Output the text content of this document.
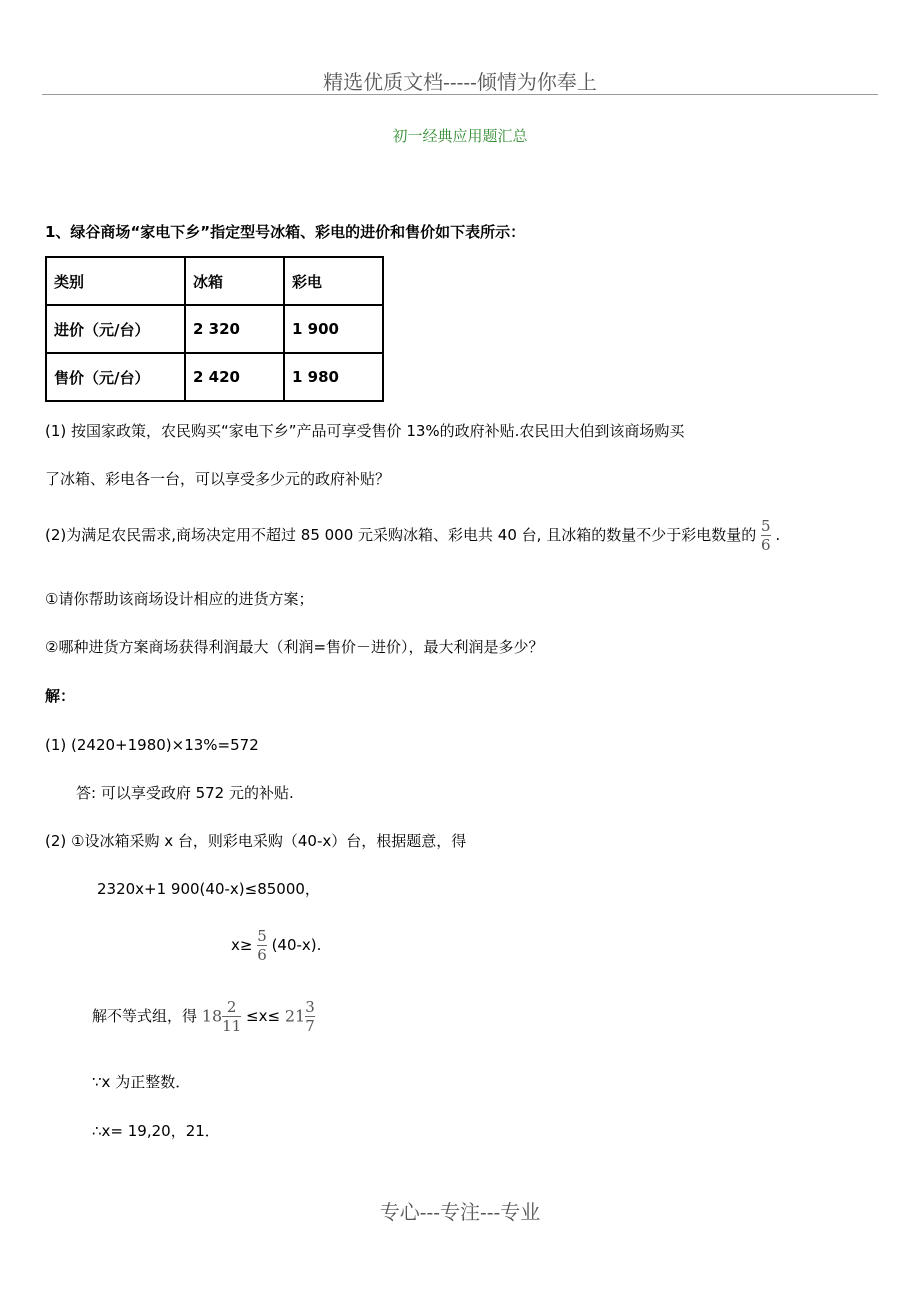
精选优质文档-----倾情为你奉上
初一经典应用题汇总
1、绿谷商场“家电下乡”指定型号冰箱、彩电的进价和售价如下表所示：
类别	冰箱	彩电
进价（元/台）	2 320	1 900
售价（元/台）	2 420	1 980
(1) 按国家政策，农民购买“家电下乡”产品可享受售价 13%的政府补贴.农民田大伯到该商场购买
了冰箱、彩电各一台，可以享受多少元的政府补贴？
(2)为满足农民需求,商场决定用不超过 85 000 元采购冰箱、彩电共 40 台, 且冰箱的数量不少于彩电数量的 $\frac{5}{6}$ .
①请你帮助该商场设计相应的进货方案；
②哪种进货方案商场获得利润最大（利润=售价－进价），最大利润是多少？
解：
(1) (2420+1980)×13%=572
答: 可以享受政府 572 元的补贴.
(2) ①设冰箱采购 x 台，则彩电采购（40-x）台，根据题意，得
2320x+1 900(40-x)≤85000，
$x\ge \frac{5}{6} (40-x)$.
解不等式组，得 $18 \frac{2}{11} \le x\le 21 \frac{3}{7}$
∵x 为正整数．
∴x= 19,20，21．
专心---专注---专业
